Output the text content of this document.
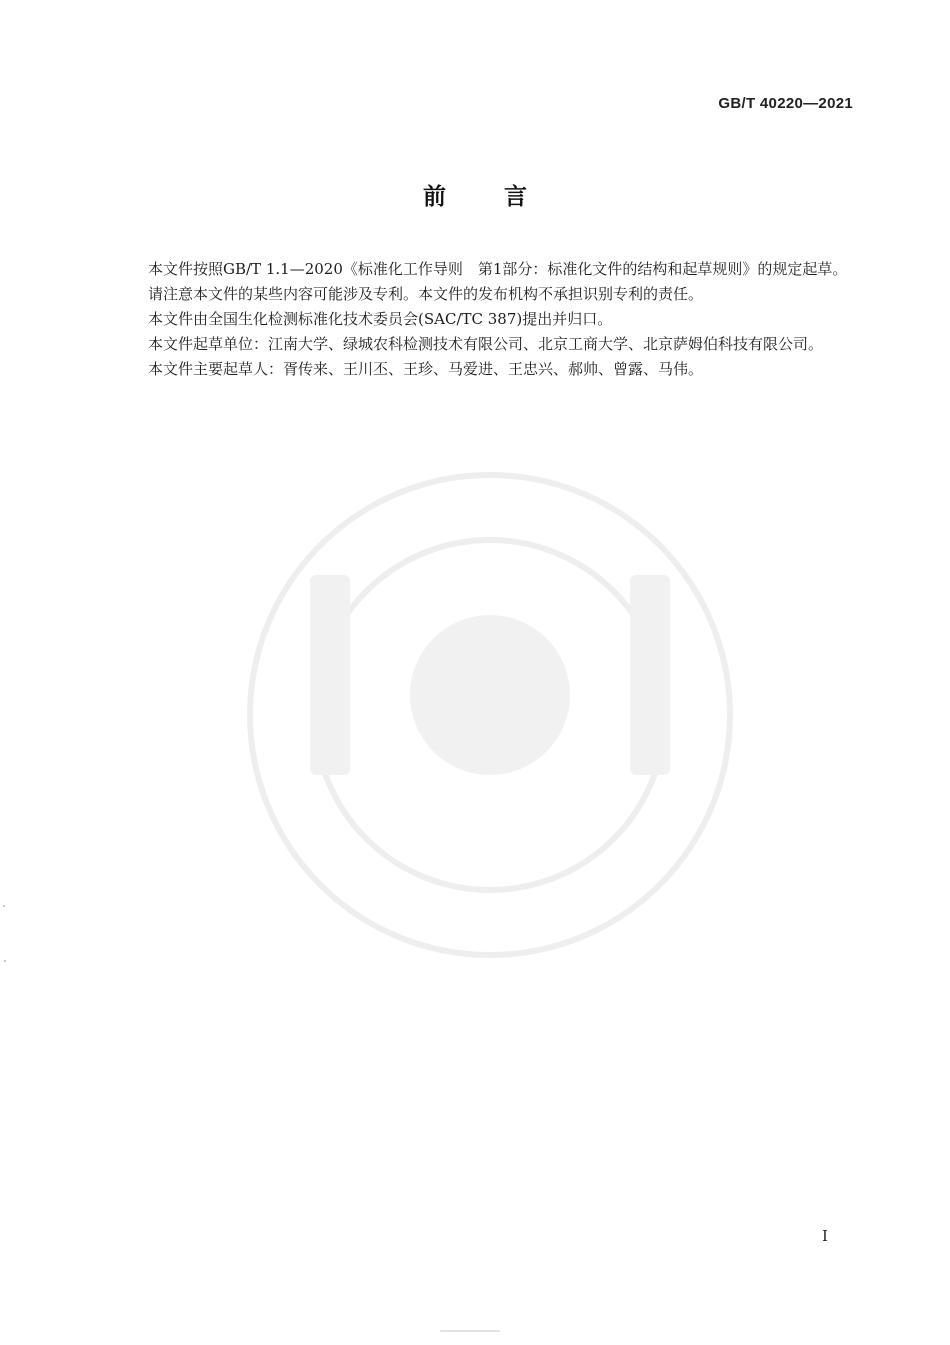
GB/T 40220—2021
前言

本文件按照GB/T 1.1—2020《标准化工作导则　第1部分：标准化文件的结构和起草规则》的规定起草。

请注意本文件的某些内容可能涉及专利。本文件的发布机构不承担识别专利的责任。

本文件由全国生化检测标准化技术委员会(SAC/TC 387)提出并归口。

本文件起草单位：江南大学、绿城农科检测技术有限公司、北京工商大学、北京萨姆伯科技有限公司。

本文件主要起草人：胥传来、王川丕、王珍、马爱进、王忠兴、郝帅、曾露、马伟。

I
